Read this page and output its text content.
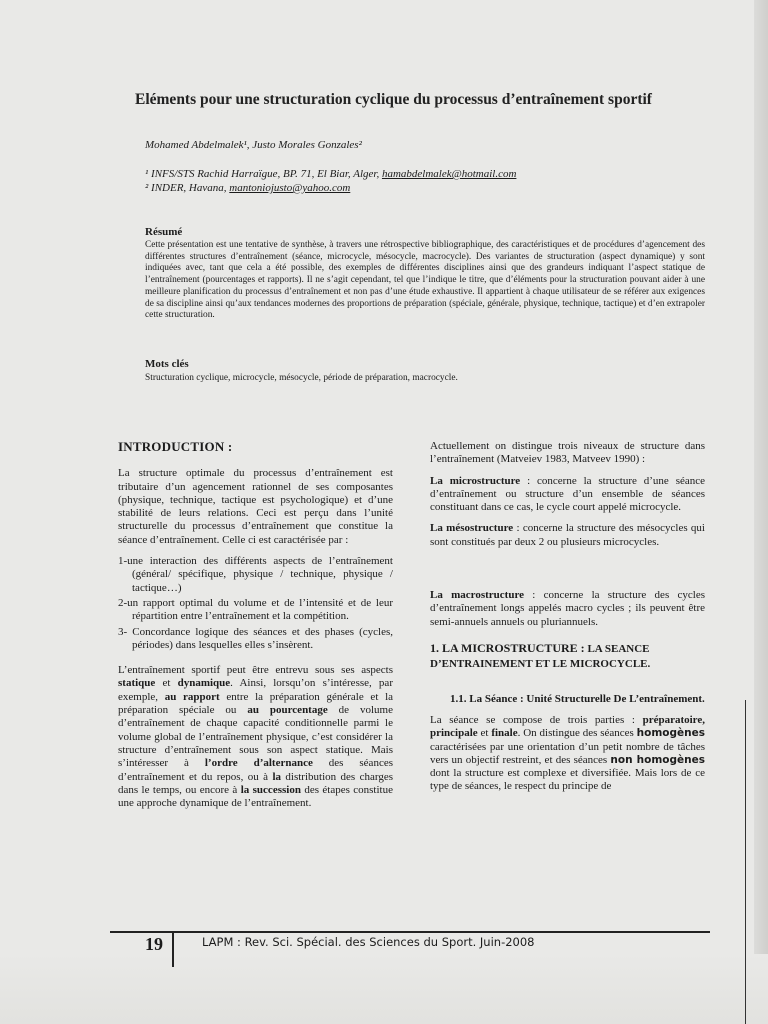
Eléments pour une structuration cyclique du processus d’entraînement sportif

Mohamed Abdelmalek¹, Justo Morales Gonzales²

¹ INFS/STS Rachid Harraïgue, BP. 71, El Biar, Alger, hamabdelmalek@hotmail.com
² INDER, Havana, mantoniojusto@yahoo.com
Résumé

Cette présentation est une tentative de synthèse, à travers une rétrospective bibliographique, des caractéristiques et de procédures d’agencement des différentes structures d’entraînement (séance, microcycle, mésocycle, macrocycle). Des variantes de structuration (aspect dynamique) y sont indiquées avec, tant que cela a été possible, des exemples de différentes disciplines ainsi que des grandeurs indiquant l’aspect statique de l’entraînement (pourcentages et rapports). Il ne s’agit cependant, tel que l’indique le titre, que d’éléments pour la structuration pouvant aider à une meilleure planification du processus d’entraînement et non pas d’une étude exhaustive. Il appartient à chaque utilisateur de se référer aux exigences de sa discipline ainsi qu’aux tendances modernes des proportions de préparation (spéciale, générale, physique, technique, tactique) et d’en extrapoler cette structuration.

Mots clés

Structuration cyclique, microcycle, mésocycle, période de préparation, macrocycle.

INTRODUCTION :

La structure optimale du processus d’entraînement est tributaire d’un agencement rationnel de ses composantes (physique, technique, tactique est psychologique) et d’une stabilité de leurs relations. Ceci est perçu dans l’unité structurelle du processus d’entraînement que constitue la séance d’entraînement. Celle ci est caractérisée par :

1-une interaction des différents aspects de l’entraînement (général/ spécifique, physique / technique, physique / tactique…)
2-un rapport optimal du volume et de l’intensité et de leur répartition entre l’entraînement et la compétition.
3- Concordance logique des séances et des phases (cycles, périodes) dans lesquelles elles s’insèrent.

L’entraînement sportif peut être entrevu sous ses aspects statique et dynamique. Ainsi, lorsqu’on s’intéresse, par exemple, au rapport entre la préparation générale et la préparation spéciale ou au pourcentage de volume d’entraînement de chaque capacité conditionnelle parmi le volume global de l’entraînement physique, c’est considérer la structure d’entraînement sous son aspect statique. Mais s’intéresser à l’ordre d’alternance des séances d’entraînement et du repos, ou à la distribution des charges dans le temps, ou encore à la succession des étapes constitue une approche dynamique de l’entraînement.

Actuellement on distingue trois niveaux de structure dans l’entraînement (Matveiev 1983, Matveev 1990) :

La microstructure : concerne la structure d’une séance d’entraînement ou structure d’un ensemble de séances constituant dans ce cas, le cycle court appelé microcycle.

La mésostructure : concerne la structure des mésocycles qui sont constitués par deux 2 ou plusieurs microcycles.

La macrostructure : concerne la structure des cycles d’entraînement longs appelés macro cycles ; ils peuvent être semi-annuels annuels ou pluriannuels.

1. LA MICROSTRUCTURE : LA SEANCE D’ENTRAINEMENT ET LE MICROCYCLE.
1.1. La Séance : Unité Structurelle De L’entraînement.

La séance se compose de trois parties : préparatoire, principale et finale. On distingue des séances homogènes caractérisées par une orientation d’un petit nombre de tâches vers un objectif restreint, et des séances non homogènes dont la structure est complexe et diversifiée. Mais lors de ce type de séances, le respect du principe de

19	LAPM : Rev. Sci. Spécial. des Sciences du Sport. Juin-2008
